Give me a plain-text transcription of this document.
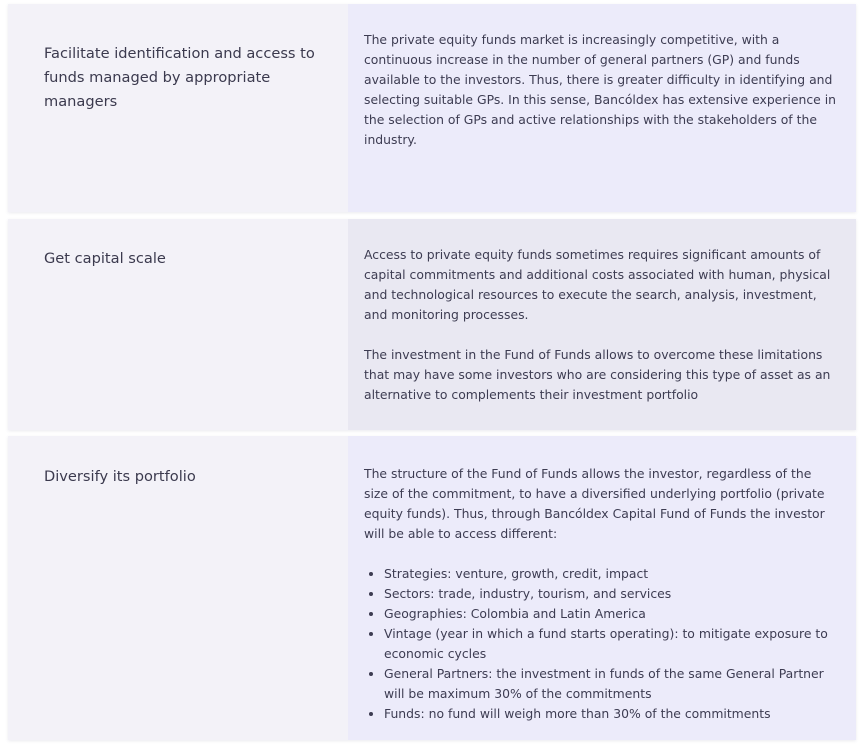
Facilitate identification and access to funds managed by appropriate managers

The private equity funds market is increasingly competitive, with a continuous increase in the number of general partners (GP) and funds available to the investors. Thus, there is greater difficulty in identifying and selecting suitable GPs. In this sense, Bancóldex has extensive experience in the selection of GPs and active relationships with the stakeholders of the industry.

Get capital scale	Access to private equity funds sometimes requires significant amounts of capital commitments and additional costs associated with human, physical and technological resources to execute the search, analysis, investment, and monitoring processes.

The investment in the Fund of Funds allows to overcome these limitations that may have some investors who are considering this type of asset as an alternative to complements their investment portfolio

Diversify its portfolio	The structure of the Fund of Funds allows the investor, regardless of the size of the commitment, to have a diversified underlying portfolio (private equity funds). Thus, through Bancóldex Capital Fund of Funds the investor will be able to access different:

• Strategies: venture, growth, credit, impact
• Sectors: trade, industry, tourism, and services
• Geographies: Colombia and Latin America
• Vintage (year in which a fund starts operating): to mitigate exposure to economic cycles
• General Partners: the investment in funds of the same General Partner will be maximum 30% of the commitments
• Funds: no fund will weigh more than 30% of the commitments
